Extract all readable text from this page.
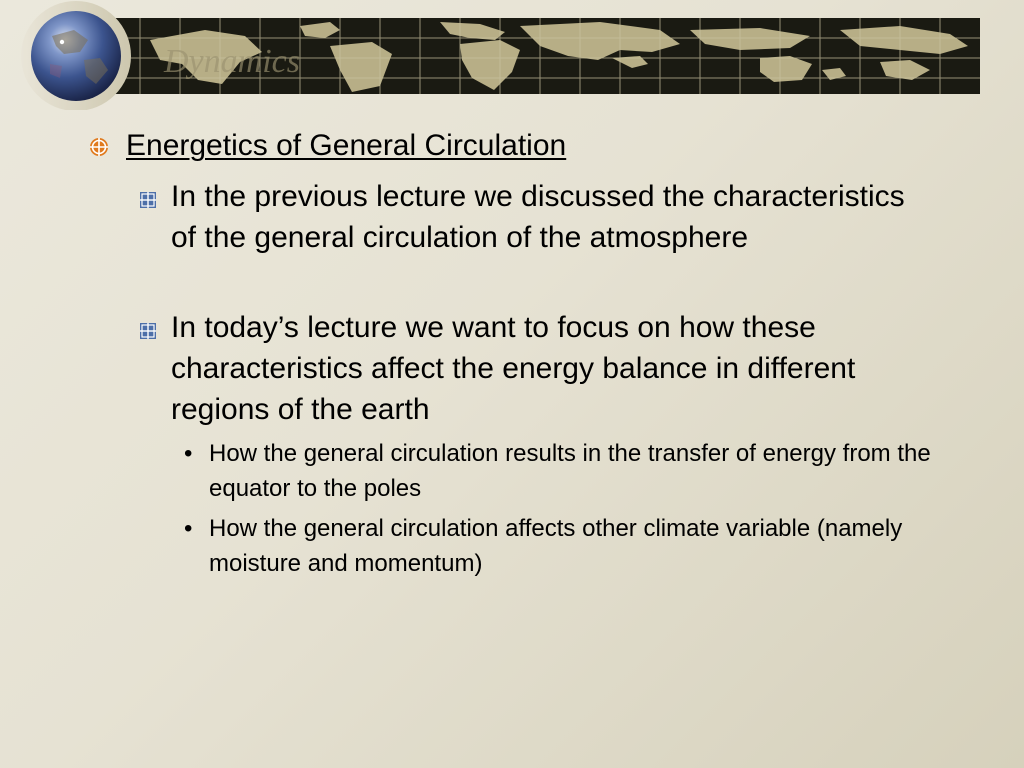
Dynamics
Energetics of General Circulation
In the previous lecture we discussed the characteristics of the general circulation of the atmosphere
In today’s lecture we want to focus on how these characteristics affect the energy balance in different regions of the earth
• How the general circulation results in the transfer of energy from the equator to the poles
• How the general circulation affects other climate variable (namely moisture and momentum)
